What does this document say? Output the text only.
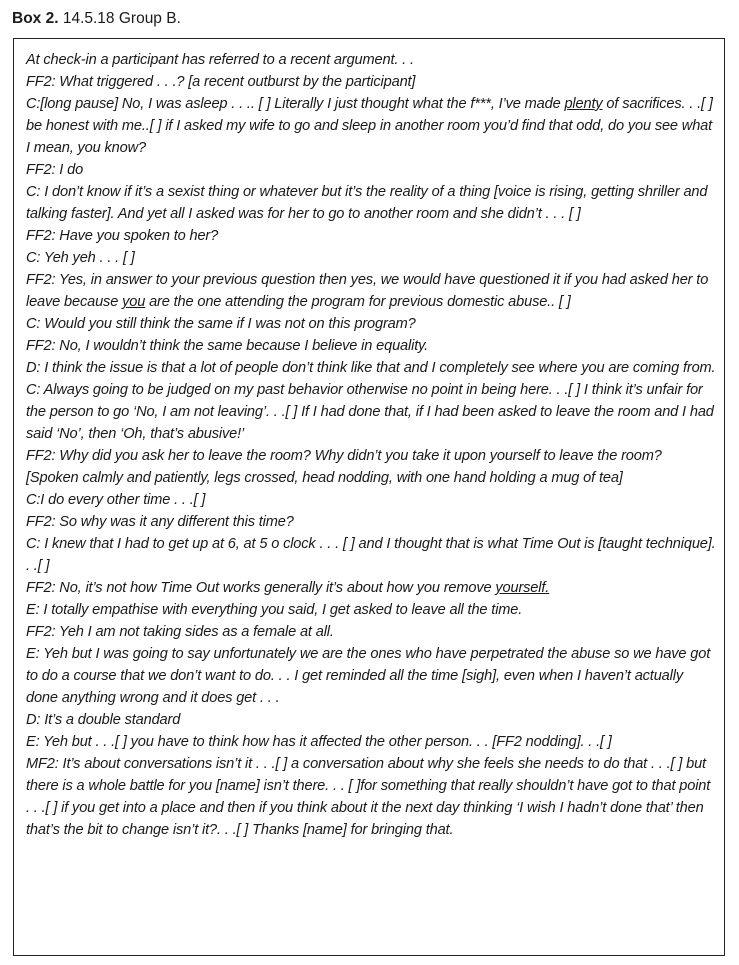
Box 2. 14.5.18 Group B.
At check-in a participant has referred to a recent argument. . .
FF2: What triggered . . .? [a recent outburst by the participant]
C:[long pause] No, I was asleep . . .. [ ] Literally I just thought what the f***, I’ve made plenty of sacrifices. . .[ ] be honest with me..[ ] if I asked my wife to go and sleep in another room you’d find that odd, do you see what I mean, you know?
FF2: I do
C: I don’t know if it’s a sexist thing or whatever but it’s the reality of a thing [voice is rising, getting shriller and talking faster]. And yet all I asked was for her to go to another room and she didn’t . . . [ ]
FF2: Have you spoken to her?
C: Yeh yeh . . . [ ]
FF2: Yes, in answer to your previous question then yes, we would have questioned it if you had asked her to leave because you are the one attending the program for previous domestic abuse.. [ ]
C: Would you still think the same if I was not on this program?
FF2: No, I wouldn’t think the same because I believe in equality.
D: I think the issue is that a lot of people don’t think like that and I completely see where you are coming from.
C: Always going to be judged on my past behavior otherwise no point in being here. . .[ ] I think it’s unfair for the person to go ‘No, I am not leaving’. . .[ ] If I had done that, if I had been asked to leave the room and I had said ‘No’, then ‘Oh, that’s abusive!’
FF2: Why did you ask her to leave the room? Why didn’t you take it upon yourself to leave the room? [Spoken calmly and patiently, legs crossed, head nodding, with one hand holding a mug of tea]
C:I do every other time . . .[ ]
FF2: So why was it any different this time?
C: I knew that I had to get up at 6, at 5 o clock . . . [ ] and I thought that is what Time Out is [taught technique]. . .[ ]
FF2: No, it’s not how Time Out works generally it’s about how you remove yourself.
E: I totally empathise with everything you said, I get asked to leave all the time.
FF2: Yeh I am not taking sides as a female at all.
E: Yeh but I was going to say unfortunately we are the ones who have perpetrated the abuse so we have got to do a course that we don’t want to do. . . I get reminded all the time [sigh], even when I haven’t actually done anything wrong and it does get . . .
D: It’s a double standard
E: Yeh but . . .[ ] you have to think how has it affected the other person. . . [FF2 nodding]. . .[ ]
MF2: It’s about conversations isn’t it . . .[ ] a conversation about why she feels she needs to do that . . .[ ] but there is a whole battle for you [name] isn’t there. . . [ ]for something that really shouldn’t have got to that point . . .[ ] if you get into a place and then if you think about it the next day thinking ‘I wish I hadn’t done that’ then that’s the bit to change isn’t it?. . .[ ] Thanks [name] for bringing that.
